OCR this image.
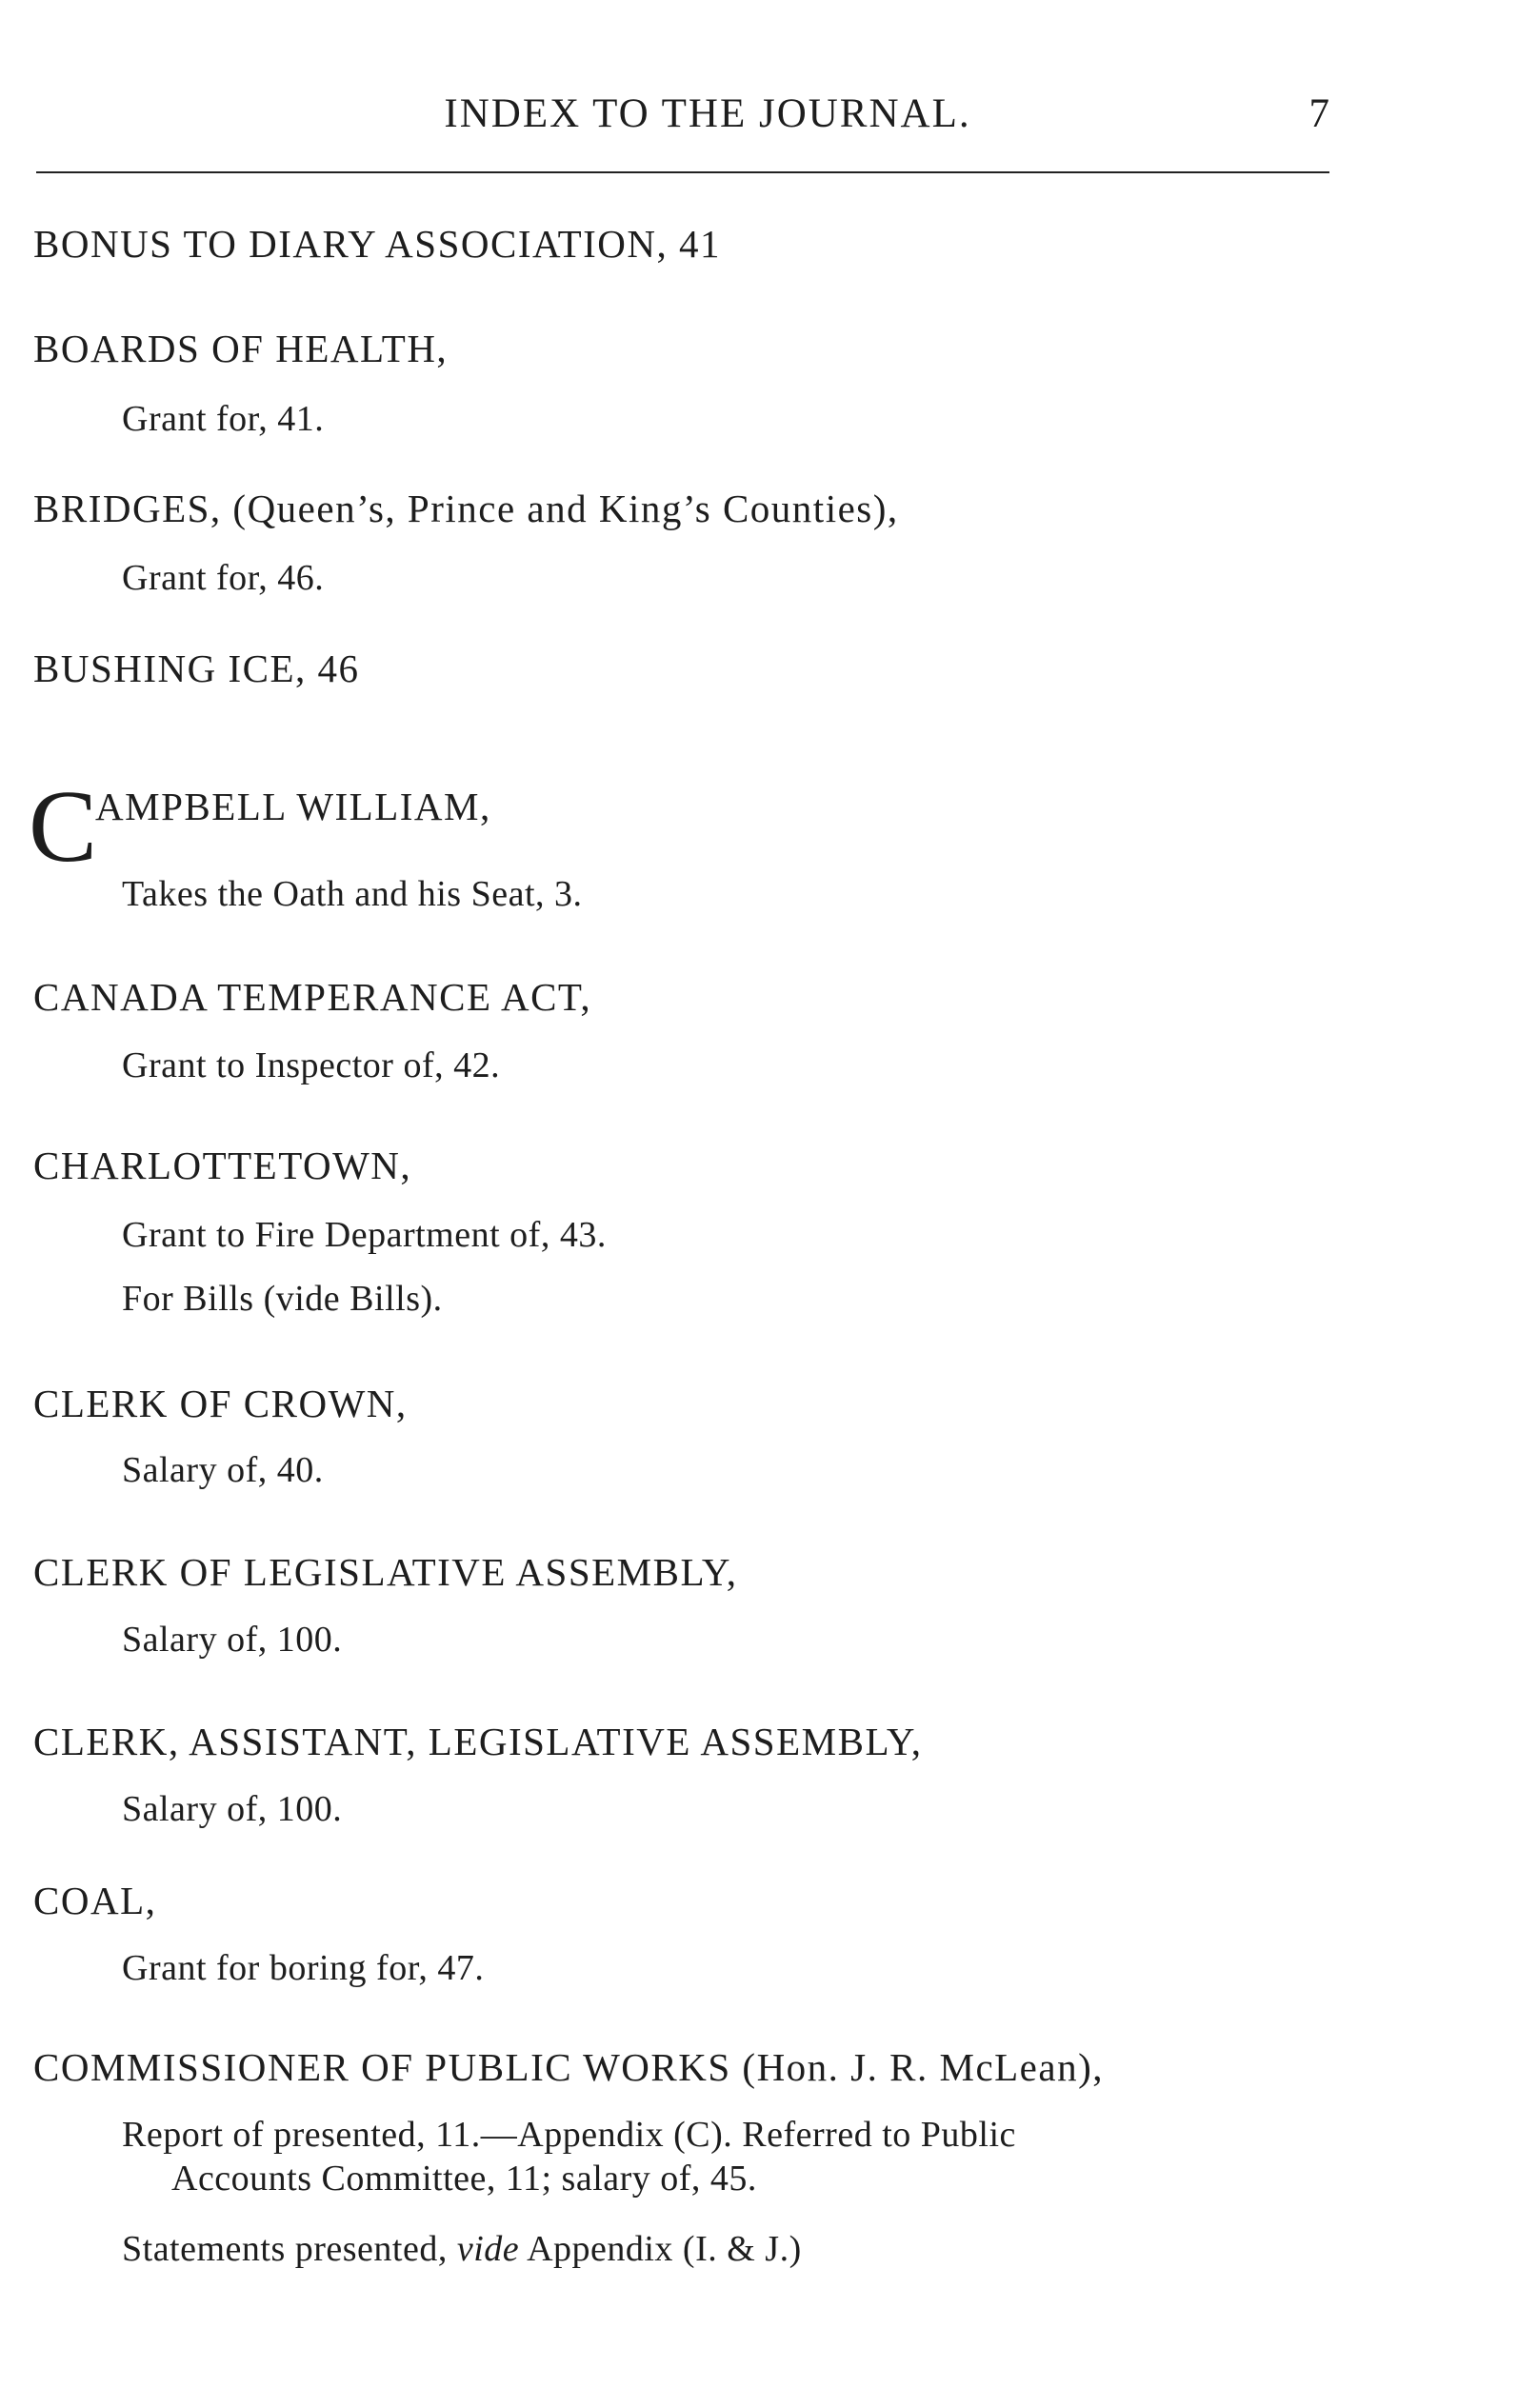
INDEX TO THE JOURNAL.	7
BONUS TO DIARY ASSOCIATION, 41
BOARDS OF HEALTH,
Grant for, 41.
BRIDGES, (Queen’s, Prince and King’s Counties),
Grant for, 46.
BUSHING ICE, 46
C
AMPBELL WILLIAM,
Takes the Oath and his Seat, 3.
CANADA TEMPERANCE ACT,
Grant to Inspector of, 42.
CHARLOTTETOWN,
Grant to Fire Department of, 43.
For Bills (vide Bills).
CLERK OF CROWN,
Salary of, 40.
CLERK OF LEGISLATIVE ASSEMBLY,
Salary of, 100.
CLERK, ASSISTANT, LEGISLATIVE ASSEMBLY,
Salary of, 100.
COAL,
Grant for boring for, 47.
COMMISSIONER OF PUBLIC WORKS (Hon. J. R. McLean),
Report of presented, 11.—Appendix (C). Referred to Public
Accounts Committee, 11; salary of, 45.
Statements presented, vide Appendix (I. & J.)
